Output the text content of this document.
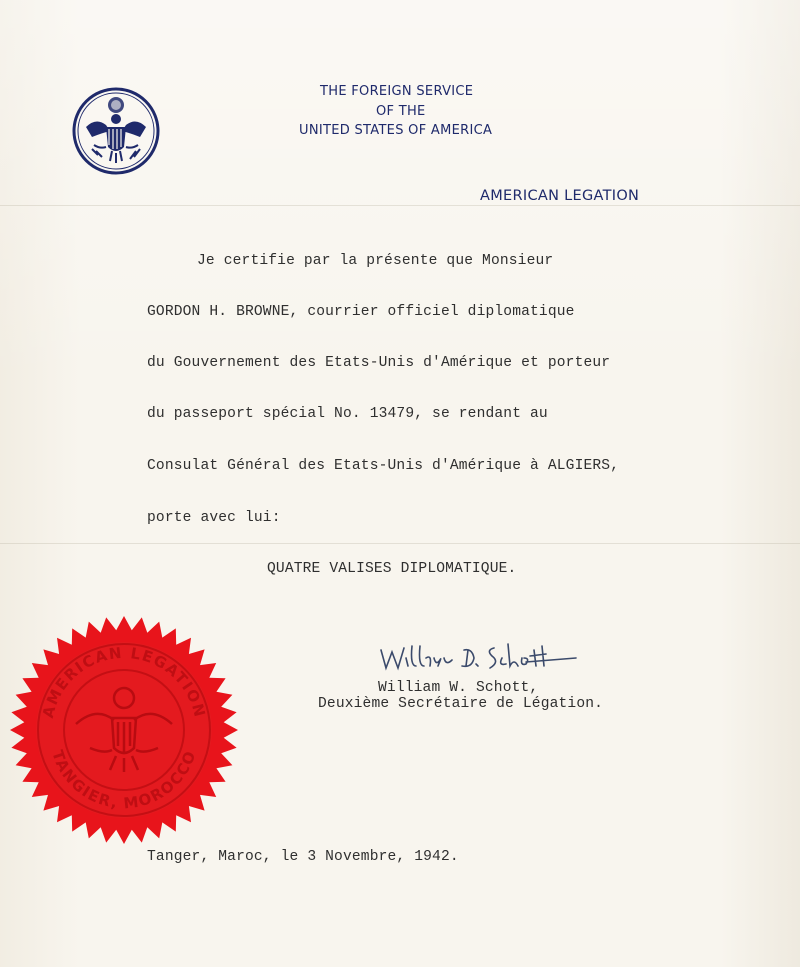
THE FOREIGN SERVICE
OF THE
UNITED STATES OF AMERICA
AMERICAN LEGATION
Je certifie par la présente que Monsieur
GORDON H. BROWNE, courrier officiel diplomatique
du Gouvernement des Etats-Unis d'Amérique et porteur
du passeport spécial No. 13479, se rendant au
Consulat Général des Etats-Unis d'Amérique à ALGIERS,
porte avec lui:
QUATRE VALISES DIPLOMATIQUE.
William W. Schott,
Deuxième Secrétaire de Légation.
AMERICAN LEGATION
TANGIER, MOROCCO
Tanger, Maroc, le 3 Novembre, 1942.
